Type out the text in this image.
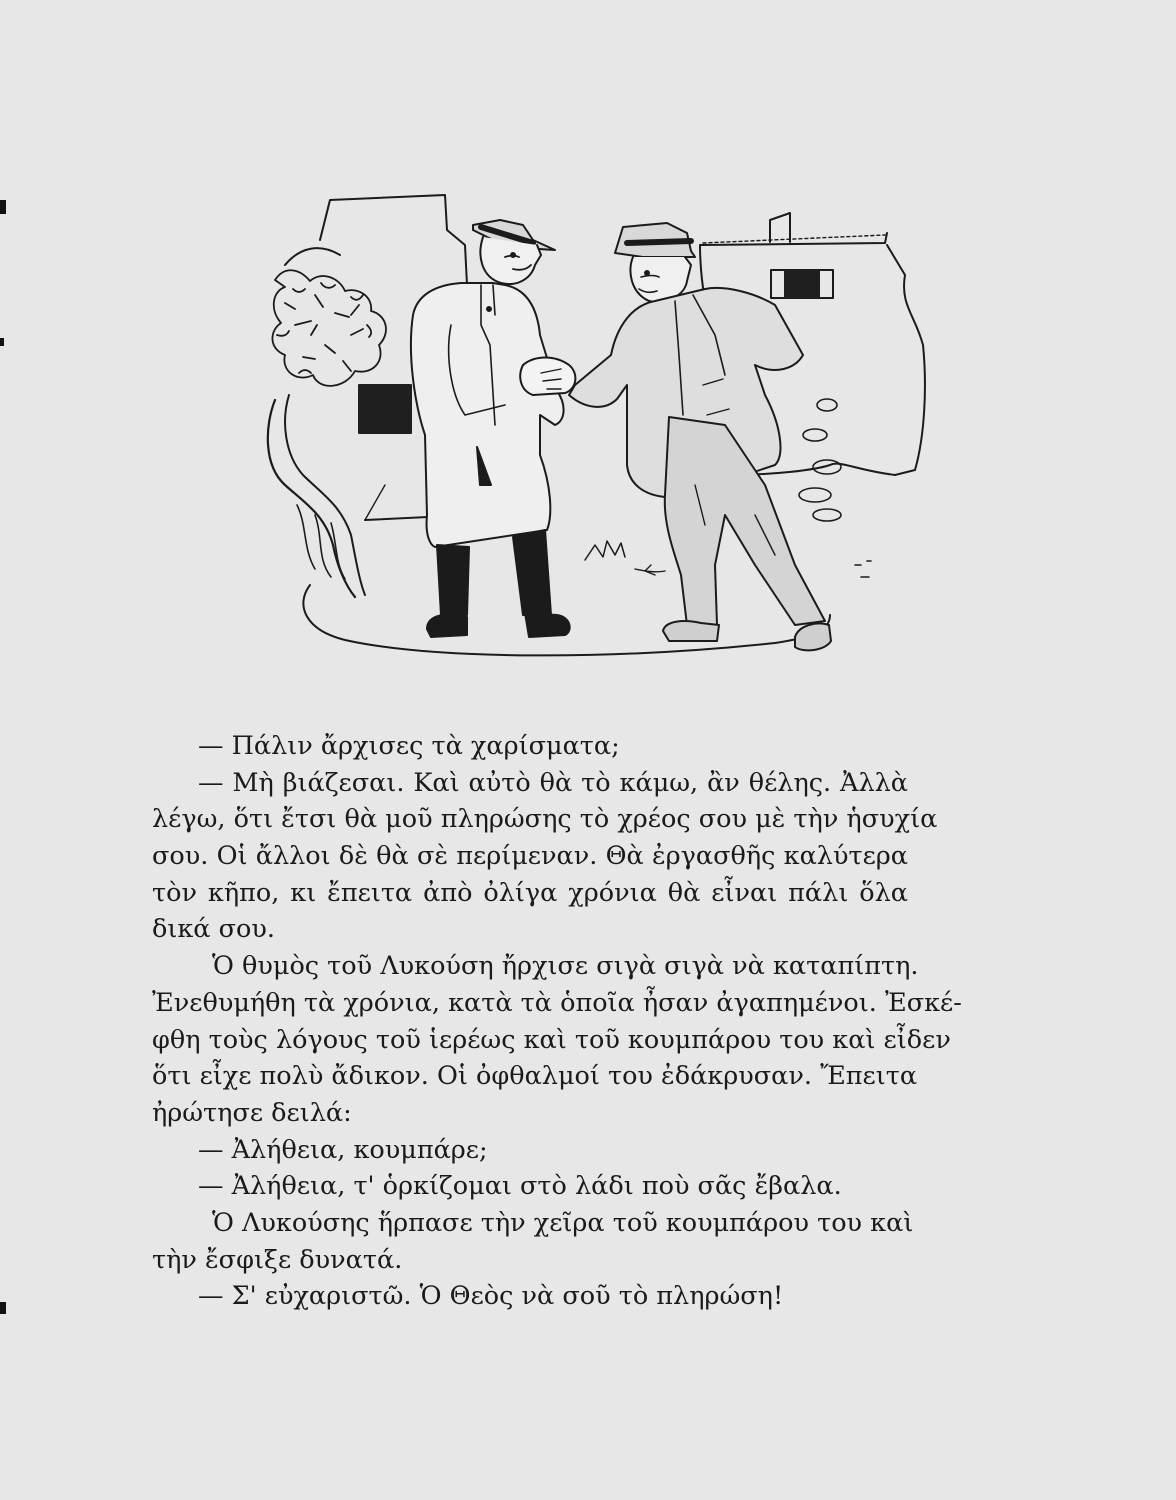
— Πάλιν ἄρχισες τὰ χαρίσματα;
— Μὴ βιάζεσαι. Καὶ αὐτὸ θὰ τὸ κάμω, ἂν θέλης. Ἀλλὰ
λέγω, ὅτι ἔτσι θὰ μοῦ πληρώσης τὸ χρέος σου μὲ τὴν ἡσυχία
σου. Οἱ ἄλλοι δὲ θὰ σὲ περίμεναν. Θὰ ἐργασθῆς καλύτερα
τὸν κῆπο, κι ἔπειτα ἀπὸ ὀλίγα χρόνια θὰ εἶναι πάλι ὅλα
δικά σου.
Ὁ θυμὸς τοῦ Λυκούση ἤρχισε σιγὰ σιγὰ νὰ καταπίπτη.
Ἐνεθυμήθη τὰ χρόνια, κατὰ τὰ ὁποῖα ἦσαν ἀγαπημένοι. Ἐσκέ-
φθη τοὺς λόγους τοῦ ἱερέως καὶ τοῦ κουμπάρου του καὶ εἶδεν
ὅτι εἶχε πολὺ ἄδικον. Οἱ ὀφθαλμοί του ἐδάκρυσαν. Ἔπειτα
ἠρώτησε δειλά:
— Ἀλήθεια, κουμπάρε;
— Ἀλήθεια, τ' ὁρκίζομαι στὸ λάδι ποὺ σᾶς ἔβαλα.
Ὁ Λυκούσης ἥρπασε τὴν χεῖρα τοῦ κουμπάρου του καὶ
τὴν ἔσφιξε δυνατά.
— Σ' εὐχαριστῶ. Ὁ Θεὸς νὰ σοῦ τὸ πληρώση!
